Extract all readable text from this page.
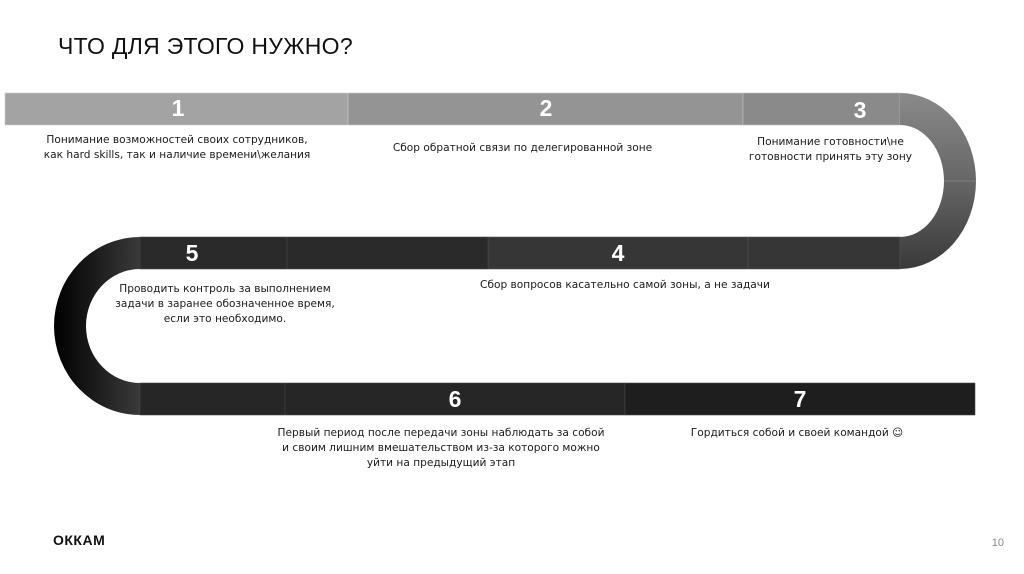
ЧТО ДЛЯ ЭТОГО НУЖНО?
1	2	3
4
5
6	7

Понимание возможностей своих сотрудников, как hard skills, так и наличие времени\желания

Сбор обратной связи по делегированной зоне	Понимание готовности\не готовности принять эту зону

Сбор вопросов касательно самой зоны, а не задачи

Проводить контроль за выполнением задачи в заранее обозначенное время, если это необходимо.

Первый период после передачи зоны наблюдать за собой и своим лишним вмешательством из-за которого можно уйти на предыдущий этап

Гордиться собой и своей командой ☺

ОККАМ	10
